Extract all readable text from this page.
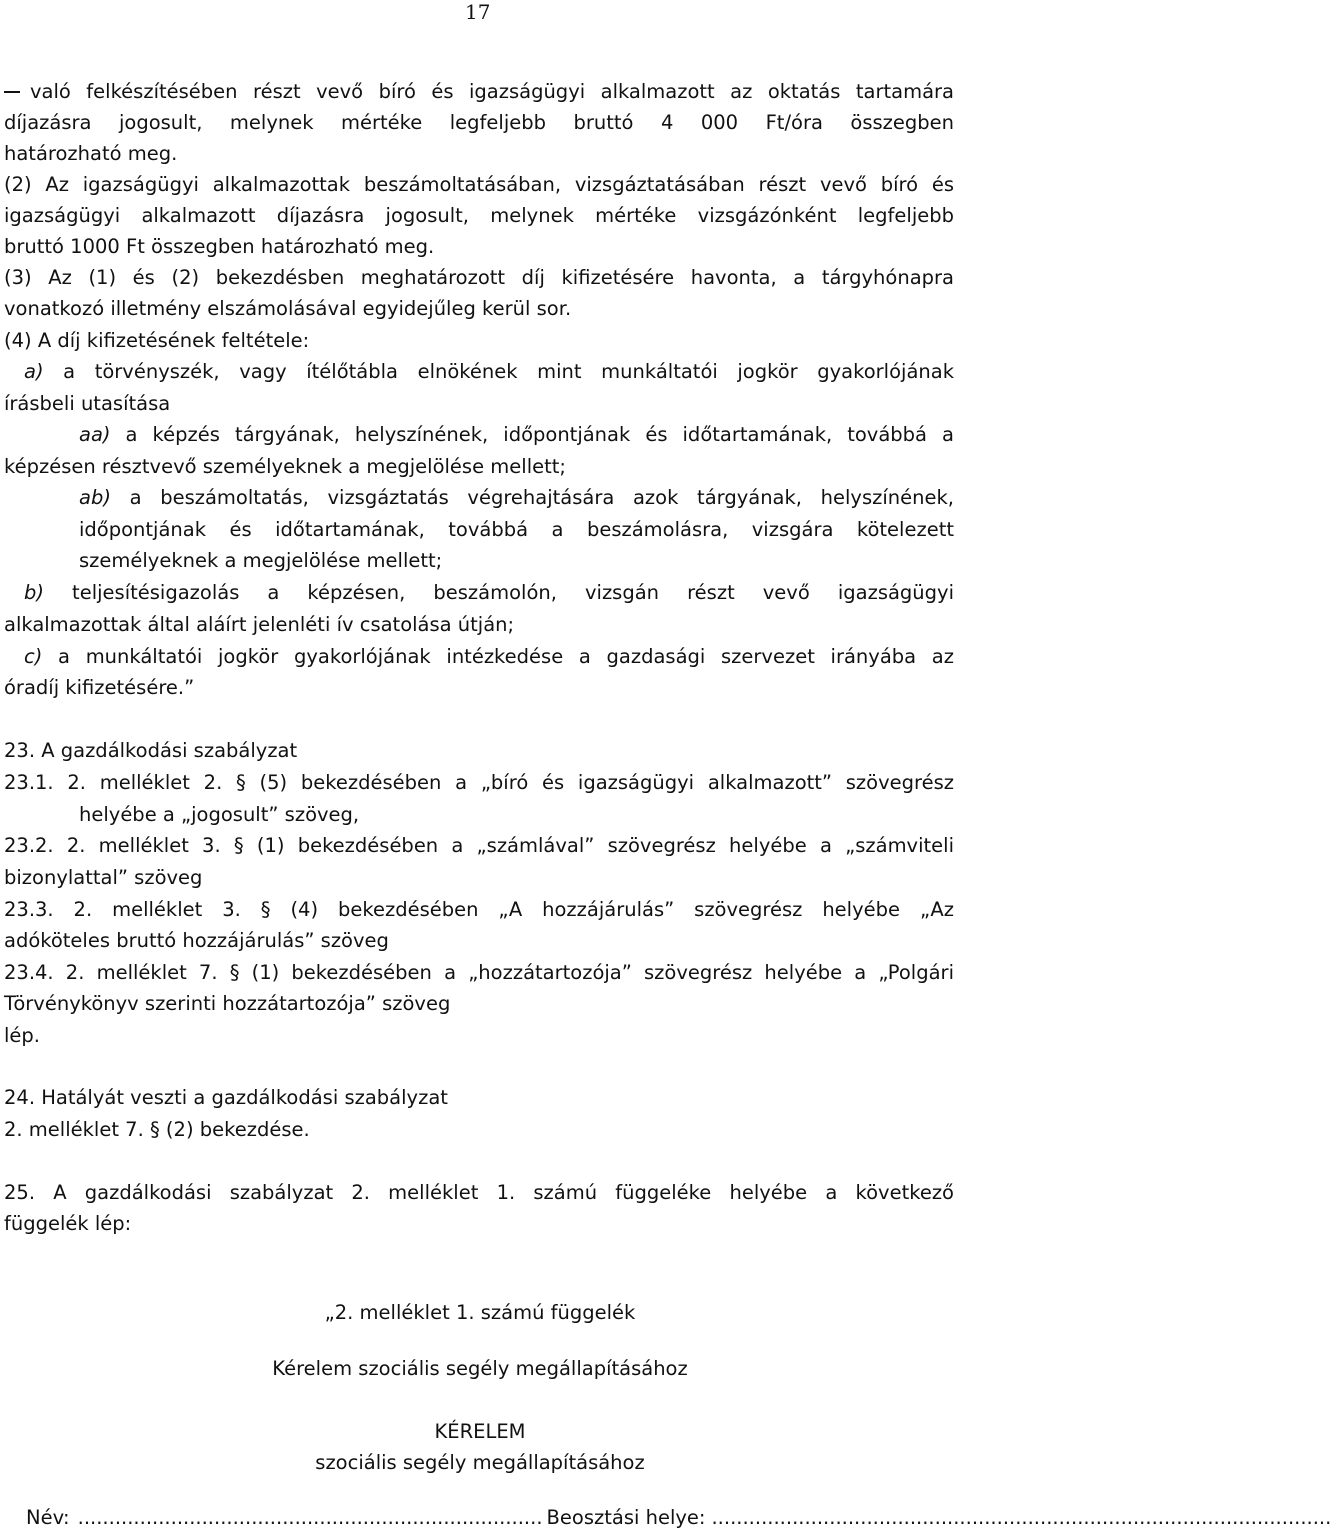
17
való felkészítésében részt vevő bíró és igazságügyi alkalmazott az oktatás tartamára
díjazásra jogosult, melynek mértéke legfeljebb bruttó 4 000 Ft/óra összegben
határozható meg.
(2) Az igazságügyi alkalmazottak beszámoltatásában, vizsgáztatásában részt vevő bíró és
igazságügyi alkalmazott díjazásra jogosult, melynek mértéke vizsgázónként legfeljebb
bruttó 1000 Ft összegben határozható meg.
(3) Az (1) és (2) bekezdésben meghatározott díj kifizetésére havonta, a tárgyhónapra
vonatkozó illetmény elszámolásával egyidejűleg kerül sor.
(4) A díj kifizetésének feltétele:
a) a törvényszék, vagy ítélőtábla elnökének mint munkáltatói jogkör gyakorlójának
írásbeli utasítása
aa) a képzés tárgyának, helyszínének, időpontjának és időtartamának, továbbá a
képzésen résztvevő személyeknek a megjelölése mellett;
ab) a beszámoltatás, vizsgáztatás végrehajtására azok tárgyának, helyszínének,
időpontjának és időtartamának, továbbá a beszámolásra, vizsgára kötelezett
személyeknek a megjelölése mellett;
b) teljesítésigazolás a képzésen, beszámolón, vizsgán részt vevő igazságügyi
alkalmazottak által aláírt jelenléti ív csatolása útján;
c) a munkáltatói jogkör gyakorlójának intézkedése a gazdasági szervezet irányába az
óradíj kifizetésére.”
23. A gazdálkodási szabályzat
23.1. 2. melléklet 2. § (5) bekezdésében a „bíró és igazságügyi alkalmazott” szövegrész
helyébe a „jogosult” szöveg,
23.2. 2. melléklet 3. § (1) bekezdésében a „számlával” szövegrész helyébe a „számviteli
bizonylattal” szöveg
23.3. 2. melléklet 3. § (4) bekezdésében „A hozzájárulás” szövegrész helyébe „Az
adóköteles bruttó hozzájárulás” szöveg
23.4. 2. melléklet 7. § (1) bekezdésében a „hozzátartozója” szövegrész helyébe a „Polgári
Törvénykönyv szerinti hozzátartozója” szöveg
lép.
24. Hatályát veszti a gazdálkodási szabályzat
2. melléklet 7. § (2) bekezdése.
25. A gazdálkodási szabályzat 2. melléklet 1. számú függeléke helyébe a következő
függelék lép:
„2. melléklet 1. számú függelék
Kérelem szociális segély megállapításához
KÉRELEM
szociális segély megállapításához
Név: ........................................................................... Beosztási helye: ....................................................................................................
